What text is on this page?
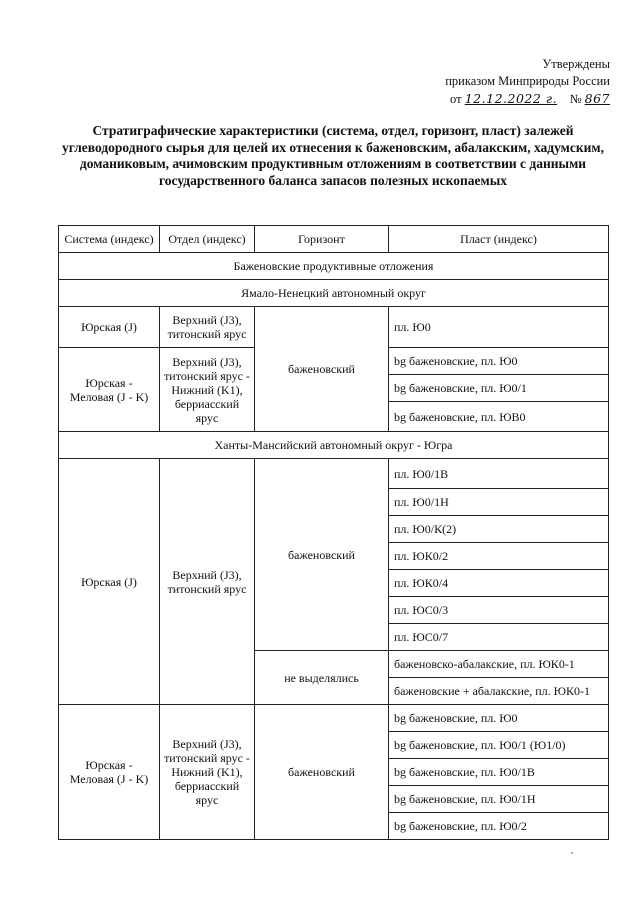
Утверждены
приказом Минприроды России
от 12.12.2022 г. № 867
Стратиграфические характеристики (система, отдел, горизонт, пласт) залежей углеводородного сырья для целей их отнесения к баженовским, абалакским, хадумским, доманиковым, ачимовским продуктивным отложениям в соответствии с данными государственного баланса запасов полезных ископаемых
Система (индекс)	Отдел (индекс)	Горизонт	Пласт (индекс)
Баженовские продуктивные отложения			
Ямало-Ненецкий автономный округ			
Юрская (J)	Верхний (J3), титонский ярус	баженовский	пл. Ю0
Юрская - Меловая (J - K)	Верхний (J3), титонский ярус - Нижний (K1), берриасский ярус		bg баженовские, пл. Ю0
			bg баженовские, пл. Ю0/1
			bg баженовские, пл. ЮВ0
Ханты-Мансийский автономный округ - Югра			
Юрская (J)	Верхний (J3), титонский ярус	баженовский	пл. Ю0/1В
			пл. Ю0/1Н
			пл. Ю0/К(2)
			пл. ЮК0/2
			пл. ЮК0/4
			пл. ЮС0/3
			пл. ЮС0/7
		не выделялись	баженовско-абалакские, пл. ЮК0-1
			баженовские + абалакские, пл. ЮК0-1
Юрская - Меловая (J - K)	Верхний (J3), титонский ярус - Нижний (K1), берриасский ярус	баженовский	bg баженовские, пл. Ю0
			bg баженовские, пл. Ю0/1 (Ю1/0)
			bg баженовские, пл. Ю0/1В
			bg баженовские, пл. Ю0/1Н
			bg баженовские, пл. Ю0/2
